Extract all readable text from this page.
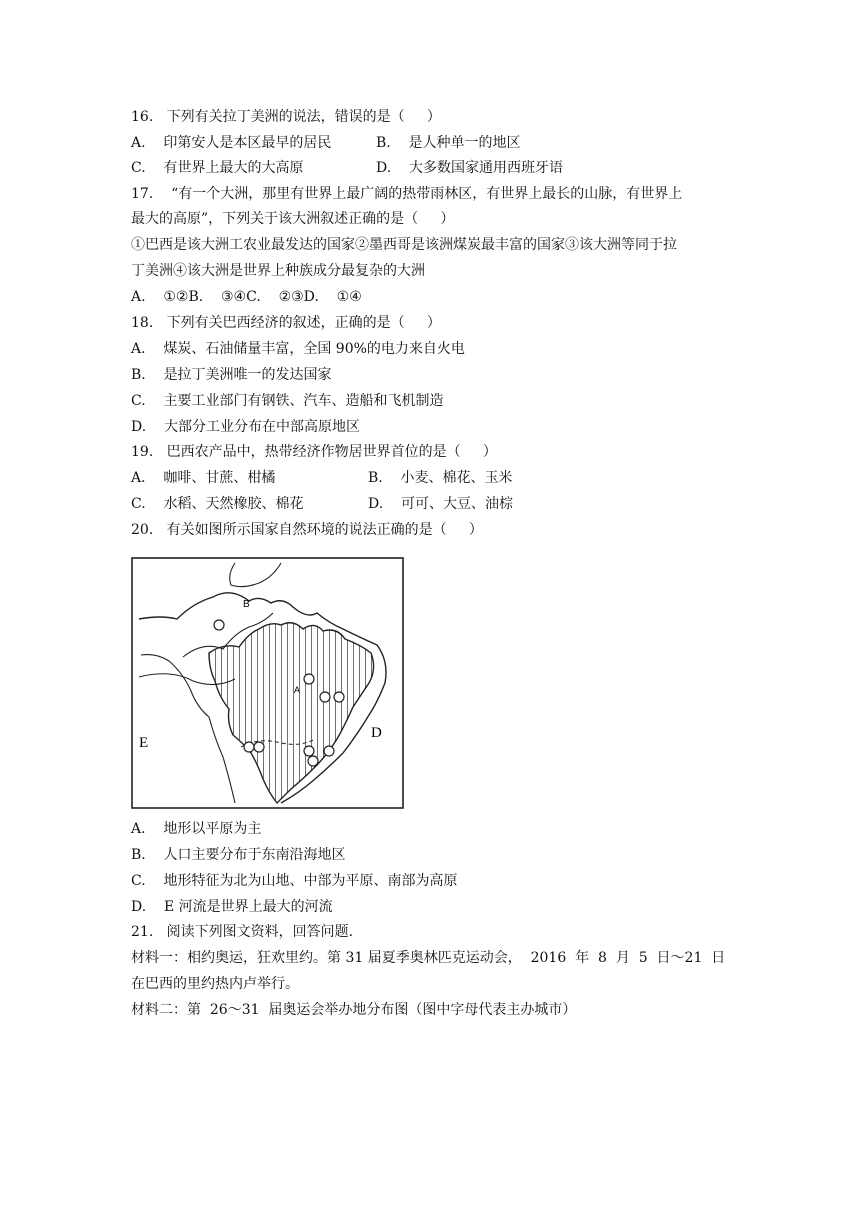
16.   下列有关拉丁美洲的说法，错误的是（     ）
A.    印第安人是本区最早的居民	B.    是人种单一的地区
C.    有世界上最大的大高原	D.    大多数国家通用西班牙语
17.    “有一个大洲，那里有世界上最广阔的热带雨林区，有世界上最长的山脉，有世界上
最大的高原”，下列关于该大洲叙述正确的是（     ）
①巴西是该大洲工农业最发达的国家②墨西哥是该洲煤炭最丰富的国家③该大洲等同于拉
丁美洲④该大洲是世界上种族成分最复杂的大洲
A.    ①②B.    ③④C.    ②③D.    ①④
18.   下列有关巴西经济的叙述，正确的是（     ）
A.    煤炭、石油储量丰富，全国 90%的电力来自火电
B.    是拉丁美洲唯一的发达国家
C.    主要工业部门有钢铁、汽车、造船和飞机制造
D.    大部分工业分布在中部高原地区
19.   巴西农产品中，热带经济作物居世界首位的是（     ）
A.    咖啡、甘蔗、柑橘	B.    小麦、棉花、玉米
C.    水稻、天然橡胶、棉花	D.    可可、大豆、油棕
20.   有关如图所示国家自然环境的说法正确的是（     ）
B
A
D
E
A.    地形以平原为主
B.    人口主要分布于东南沿海地区
C.    地形特征为北为山地、中部为平原、南部为高原
D.    E 河流是世界上最大的河流
21.   阅读下列图文资料，回答问题.
材料一：相约奥运，狂欢里约。第 31 届夏季奥林匹克运动会，  2016  年  8  月  5  日～21  日
在巴西的里约热内卢举行。
材料二：第  26～31  届奥运会举办地分布图（图中字母代表主办城市）
